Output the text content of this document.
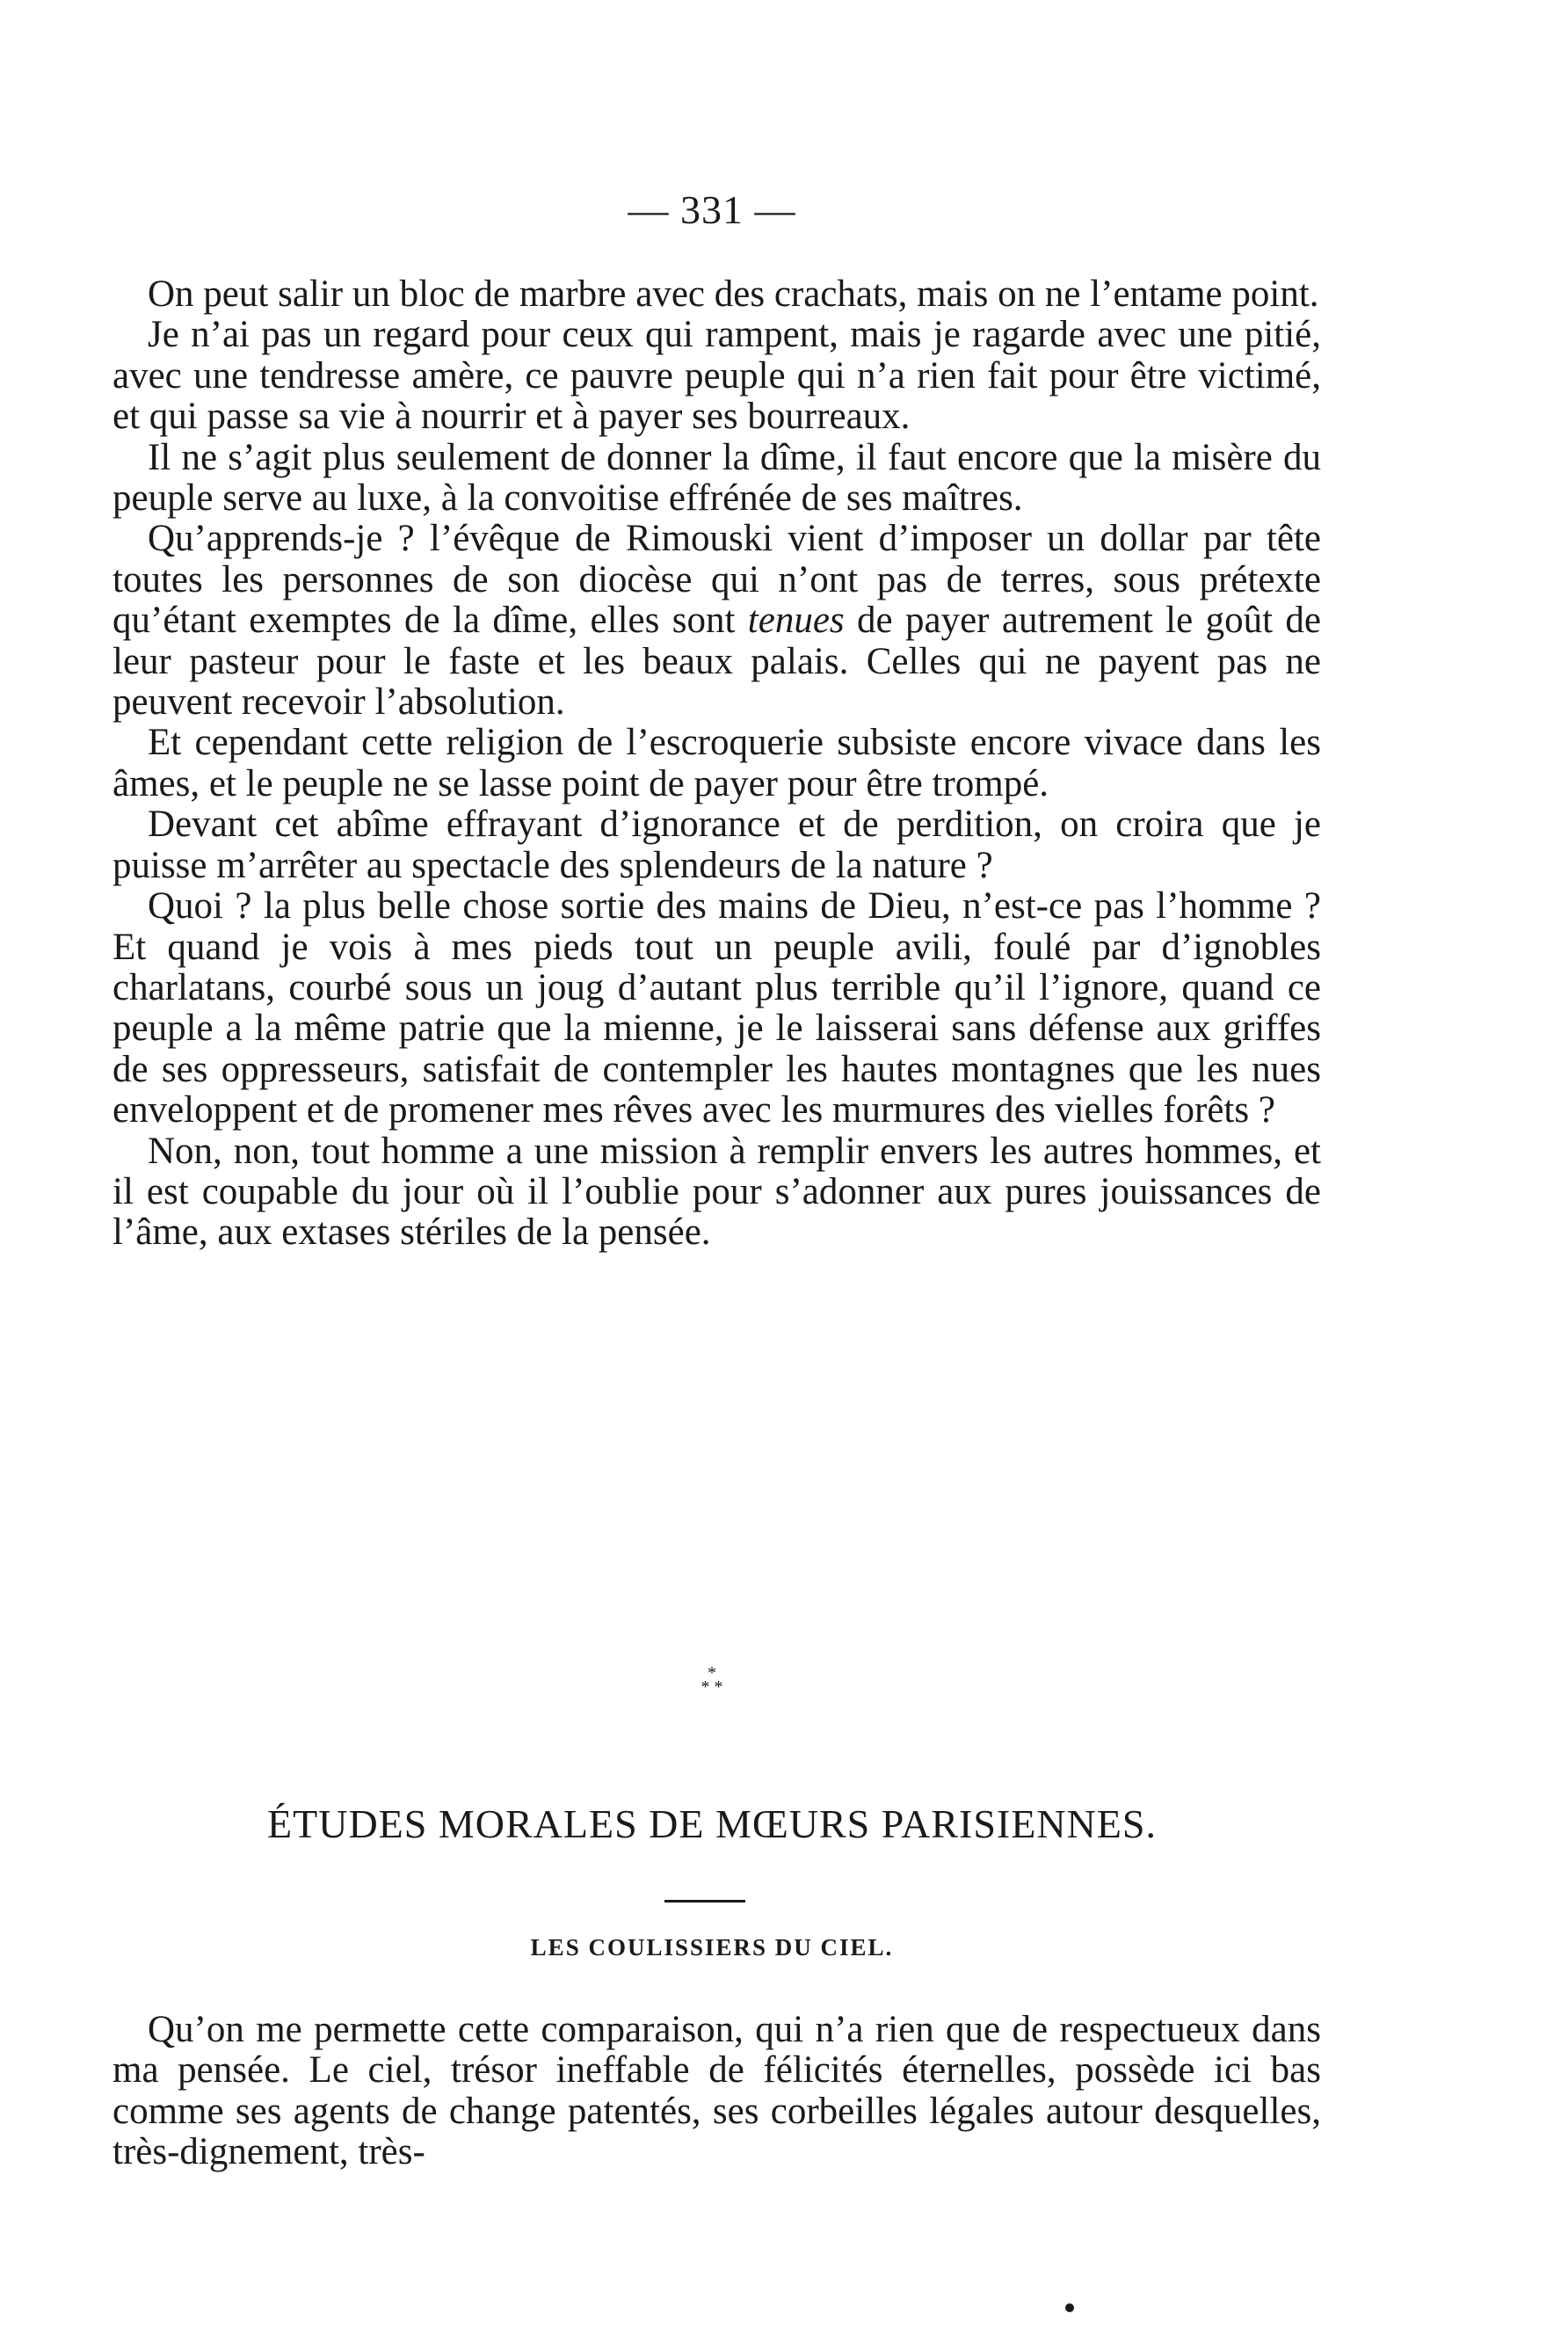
— 331 —

On peut salir un bloc de marbre avec des crachats, mais on ne l’entame point.

Je n’ai pas un regard pour ceux qui rampent, mais je ragarde avec une pitié, avec une tendresse amère, ce pauvre peuple qui n’a rien fait pour être victimé, et qui passe sa vie à nourrir et à payer ses bourreaux.

Il ne s’agit plus seulement de donner la dîme, il faut encore que la misère du peuple serve au luxe, à la convoitise effrénée de ses maîtres.

Qu’apprends-je ? l’évêque de Rimouski vient d’imposer un dollar par tête toutes les personnes de son diocèse qui n’ont pas de terres, sous prétexte qu’étant exemptes de la dîme, elles sont tenues de payer autrement le goût de leur pasteur pour le faste et les beaux palais. Celles qui ne payent pas ne peuvent recevoir l’absolution.

Et cependant cette religion de l’escroquerie subsiste encore vivace dans les âmes, et le peuple ne se lasse point de payer pour être trompé.

Devant cet abîme effrayant d’ignorance et de perdition, on croira que je puisse m’arrêter au spectacle des splendeurs de la nature ?

Quoi ? la plus belle chose sortie des mains de Dieu, n’est-ce pas l’homme ? Et quand je vois à mes pieds tout un peuple avili, foulé par d’ignobles charlatans, courbé sous un joug d’autant plus terrible qu’il l’ignore, quand ce peuple a la même patrie que la mienne, je le laisserai sans défense aux griffes de ses oppresseurs, satisfait de contempler les hautes montagnes que les nues enveloppent et de promener mes rêves avec les murmures des vielles forêts ?

Non, non, tout homme a une mission à remplir envers les autres hommes, et il est coupable du jour où il l’oublie pour s’adonner aux pures jouissances de l’âme, aux extases stériles de la pensée.

*
* *
ÉTUDES MORALES DE MŒURS PARISIENNES.
LES COULISSIERS DU CIEL.

Qu’on me permette cette comparaison, qui n’a rien que de respectueux dans ma pensée. Le ciel, trésor ineffable de félicités éternelles, possède ici bas comme ses agents de change patentés, ses corbeilles légales autour desquelles, très-dignement, très-
